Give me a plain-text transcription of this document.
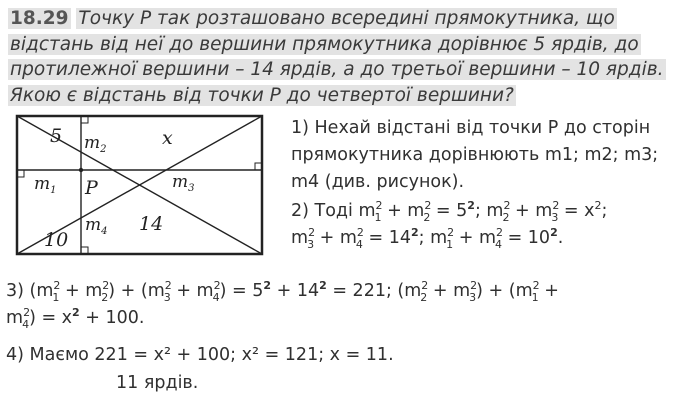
18.29 Точку P так розташовано всередині прямокутника, що
відстань від неї до вершини прямокутника дорівнює 5 ярдів, до
протилежної вершини – 14 ярдів, а до третьої вершини – 10 ярдів.
Якою є відстань від точки P до четвертої вершини?
5	x
10
14
P
$m_1$
$m_2$
$m_3$
$m_4$
1) Нехай відстані від точки P до сторін
прямокутника дорівнюють m1; m2; m3;
m4 (див. рисунок).
2) Тоді $m^2_1 + m^2_2 = 5^2$; $m^2_2 + m^2_3 = x^2$;
$m^2_3 + m^2_4 = 14^2$; $m^2_1 + m^2_4 = 10^2$.
3) $(m^2_1 + m^2_2) + (m^2_3 + m^2_4) = 5^2 + 14^2 = 221$; $(m^2_2 + m^2_3) + (m^2_1$ +
$m^2_4) = x^2 + 100$.
4) Маємо 221 = x² + 100; x² = 121; x = 11.
11 ярдів.
